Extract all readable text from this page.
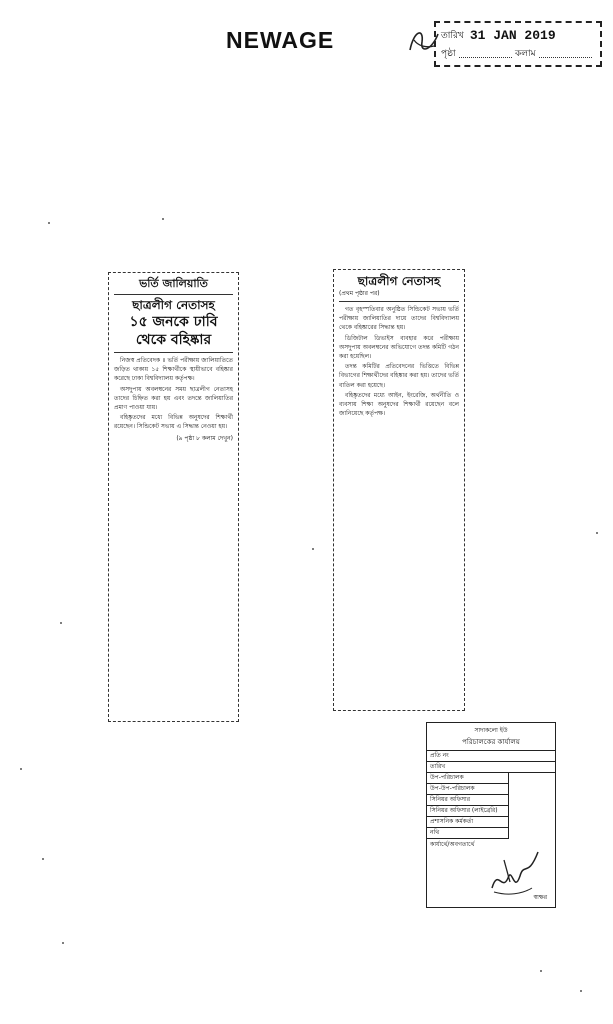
NEWAGE	তারিখ 31 JAN 2019
পৃষ্ঠা	কলাম
ভর্তি জালিয়াতি
ছাত্রলীগ নেতাসহ
১৫ জনকে ঢাবি থেকে বহিষ্কার

নিজস্ব প্রতিবেদক ॥ ভর্তি পরীক্ষায় জালিয়াতিতে জড়িত থাকায় ১৫ শিক্ষার্থীকে স্থায়ীভাবে বহিষ্কার করেছে ঢাকা বিশ্ববিদ্যালয় কর্তৃপক্ষ।

অসদুপায় অবলম্বনের সময় ছাত্রলীগ নেতাসহ তাদের চিহ্নিত করা হয় এবং তদন্তে জালিয়াতির প্রমাণ পাওয়া যায়।

বহিষ্কৃতদের মধ্যে বিভিন্ন অনুষদের শিক্ষার্থী রয়েছেন। সিন্ডিকেট সভায় এ সিদ্ধান্ত নেওয়া হয়।

(৯ পৃষ্ঠা ৮ কলাম দেখুন)
ছাত্রলীগ নেতাসহ
(প্রথম পৃষ্ঠার পর)

গত বৃহস্পতিবার অনুষ্ঠিত সিন্ডিকেট সভায় ভর্তি পরীক্ষায় জালিয়াতির দায়ে তাদের বিশ্ববিদ্যালয় থেকে বহিষ্কারের সিদ্ধান্ত হয়।

ডিজিটাল ডিভাইস ব্যবহার করে পরীক্ষায় অসদুপায় অবলম্বনের অভিযোগে তদন্ত কমিটি গঠন করা হয়েছিল।

তদন্ত কমিটির প্রতিবেদনের ভিত্তিতে বিভিন্ন বিভাগের শিক্ষার্থীদের বহিষ্কার করা হয়। তাদের ভর্তি বাতিল করা হয়েছে।

বহিষ্কৃতদের মধ্যে আইন, ইংরেজি, অর্থনীতি ও ব্যবসায় শিক্ষা অনুষদের শিক্ষার্থী রয়েছেন বলে জানিয়েছে কর্তৃপক্ষ।

সাদাকলো ইউ
পরিচালকের কার্যালয়
প্রতি নং
তারিখ
উপ-পরিচালক
উপ-উপ-পরিচালক
সিনিয়র অফিসার
সিনিয়র অফিসার (লাইব্রেরি)
প্রশাসনিক কর্মকর্তা
নথি
কার্যার্থে/অবগতার্থে
স্বাক্ষর
